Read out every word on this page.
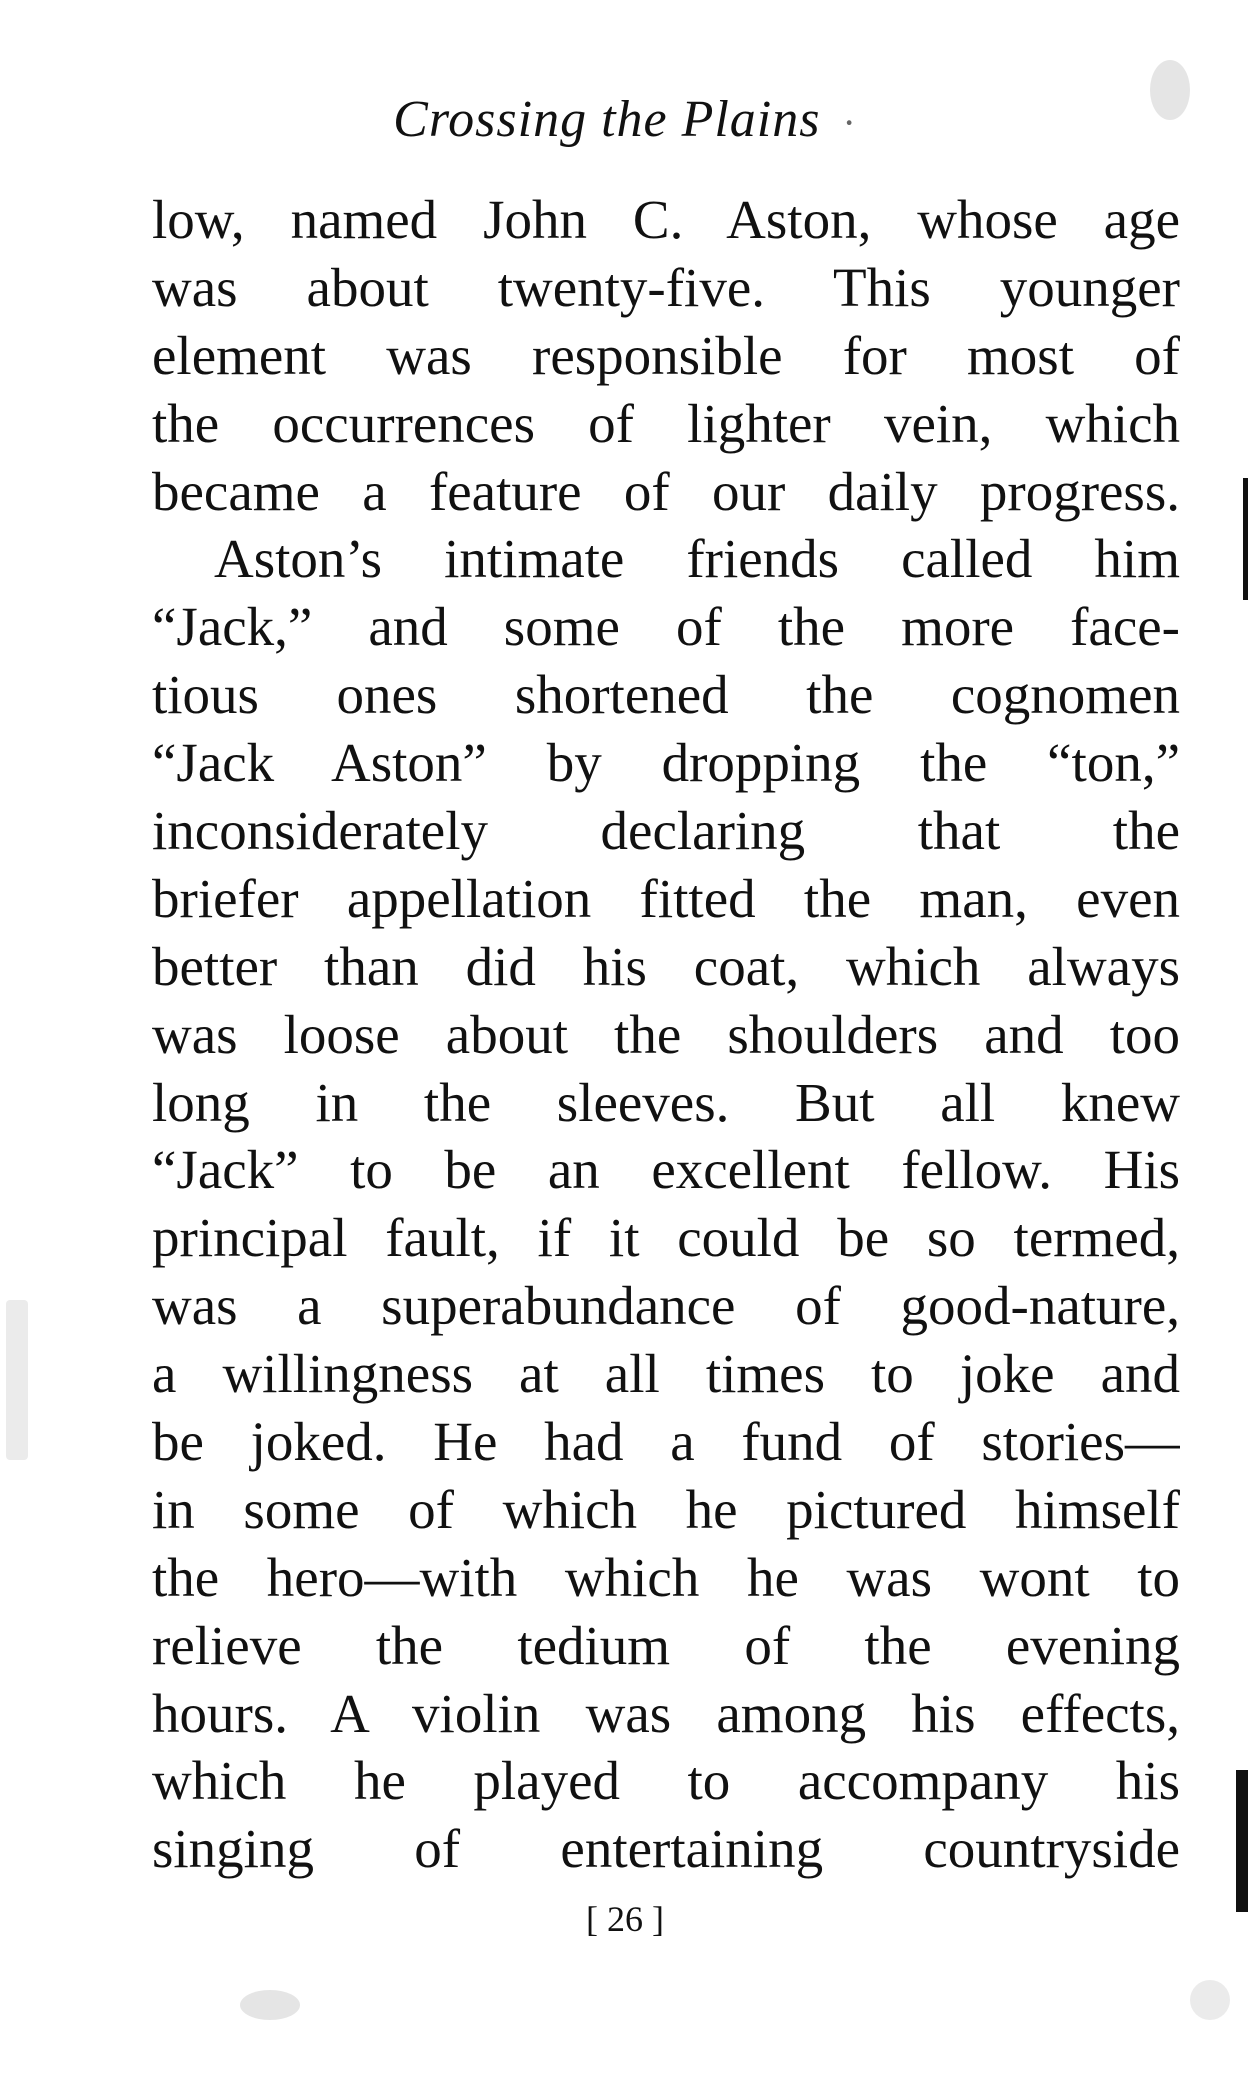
Crossing the Plains ·
low, named John C. Aston, whose age
was about twenty-five. This younger
element was responsible for most of
the occurrences of lighter vein, which
became a feature of our daily progress.
Aston’s intimate friends called him
“Jack,” and some of the more face-
tious ones shortened the cognomen
“Jack Aston” by dropping the “ton,”
inconsiderately declaring that the
briefer appellation fitted the man, even
better than did his coat, which always
was loose about the shoulders and too
long in the sleeves. But all knew
“Jack” to be an excellent fellow. His
principal fault, if it could be so termed,
was a superabundance of good-nature,
a willingness at all times to joke and
be joked. He had a fund of stories—
in some of which he pictured himself
the hero—with which he was wont to
relieve the tedium of the evening
hours. A violin was among his effects,
which he played to accompany his
singing of entertaining countryside
[ 26 ]
